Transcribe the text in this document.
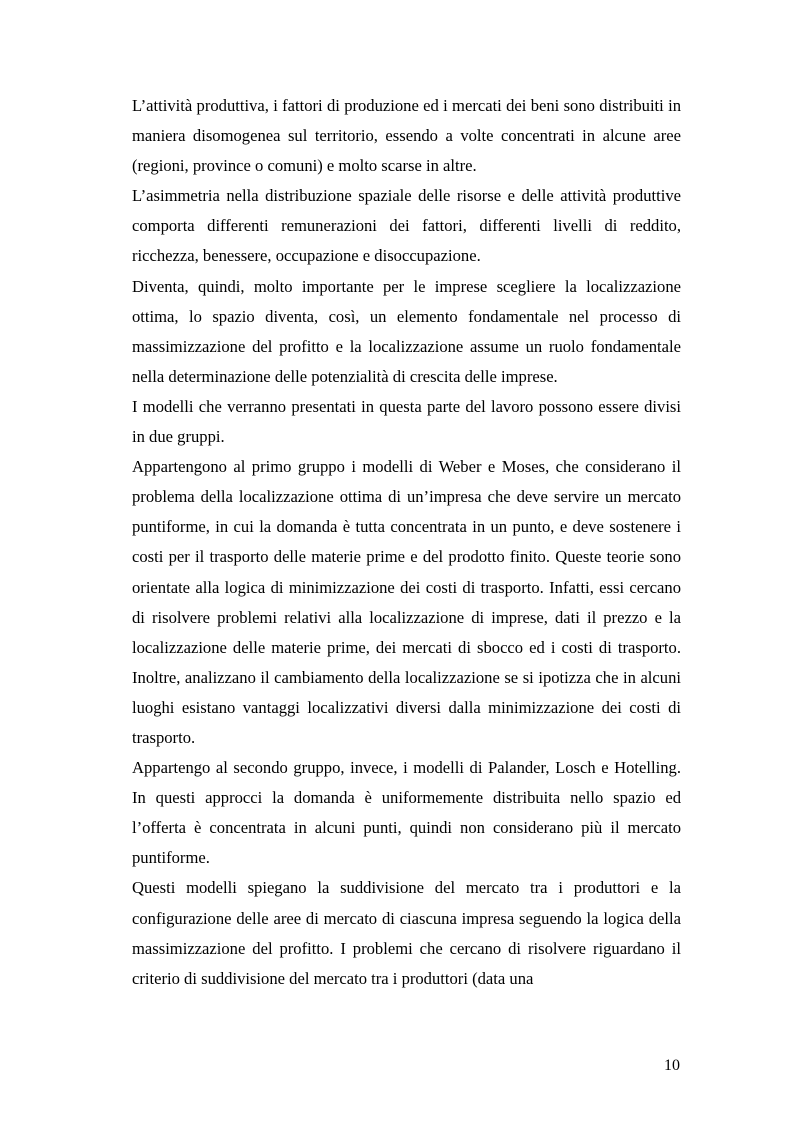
L’attività produttiva, i fattori di produzione ed i mercati dei beni sono distribuiti in maniera disomogenea sul territorio, essendo a volte concentrati in alcune aree (regioni, province o comuni) e molto scarse in altre.

L’asimmetria nella distribuzione spaziale delle risorse e delle attività produttive comporta differenti remunerazioni dei fattori, differenti livelli di reddito, ricchezza, benessere, occupazione e disoccupazione.

Diventa, quindi, molto importante per le imprese scegliere la localizzazione ottima, lo spazio diventa, così, un elemento fondamentale nel processo di massimizzazione del profitto e la localizzazione assume un ruolo fondamentale nella determinazione delle potenzialità di crescita delle imprese.

I modelli che verranno presentati in questa parte del lavoro possono essere divisi in due gruppi.

Appartengono al primo gruppo i modelli di Weber e Moses, che considerano il problema della localizzazione ottima di un’impresa che deve servire un mercato puntiforme, in cui la domanda è tutta concentrata in un punto, e deve sostenere i costi per il trasporto delle materie prime e del prodotto finito. Queste teorie sono orientate alla logica di minimizzazione dei costi di trasporto. Infatti, essi cercano di risolvere problemi relativi alla localizzazione di imprese, dati il prezzo e la localizzazione delle materie prime, dei mercati di sbocco ed i costi di trasporto. Inoltre, analizzano il cambiamento della localizzazione se si ipotizza che in alcuni luoghi esistano vantaggi localizzativi diversi dalla minimizzazione dei costi di trasporto.

Appartengo al secondo gruppo, invece, i modelli di Palander, Losch e Hotelling. In questi approcci la domanda è uniformemente distribuita nello spazio ed l’offerta è concentrata in alcuni punti, quindi non considerano più il mercato puntiforme.

Questi modelli spiegano la suddivisione del mercato tra i produttori e la configurazione delle aree di mercato di ciascuna impresa seguendo la logica della massimizzazione del profitto. I problemi che cercano di risolvere riguardano il criterio di suddivisione del mercato tra i produttori (data una

10
